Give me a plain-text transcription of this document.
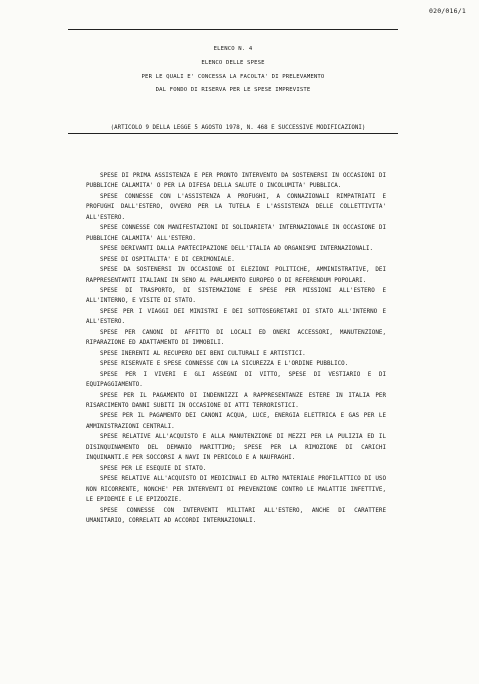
020/016/1
ELENCO N. 4
ELENCO DELLE SPESE
PER LE QUALI E' CONCESSA LA FACOLTA' DI PRELEVAMENTO
DAL FONDO DI RISERVA PER LE SPESE IMPREVISTE
(ARTICOLO 9 DELLA LEGGE 5 AGOSTO 1978, N. 468 E SUCCESSIVE MODIFICAZIONI)

SPESE DI PRIMA ASSISTENZA E PER PRONTO INTERVENTO DA SOSTENERSI IN OCCASIONI DI PUBBLICHE CALAMITA' O PER LA DIFESA DELLA SALUTE O INCOLUMITA' PUBBLICA.

SPESE CONNESSE CON L'ASSISTENZA A PROFUGHI, A CONNAZIONALI RIMPATRIATI E PROFUGHI DALL'ESTERO, OVVERO PER LA TUTELA E L'ASSISTENZA DELLE COLLETTIVITA' ALL'ESTERO.

SPESE CONNESSE CON MANIFESTAZIONI DI SOLIDARIETA' INTERNAZIONALE IN OCCASIONE DI PUBBLICHE CALAMITA' ALL'ESTERO.

SPESE DERIVANTI DALLA PARTECIPAZIONE DELL'ITALIA AD ORGANISMI INTERNAZIONALI.

SPESE DI OSPITALITA' E DI CERIMONIALE.

SPESE DA SOSTENERSI IN OCCASIONE DI ELEZIONI POLITICHE, AMMINISTRATIVE, DEI RAPPRESENTANTI ITALIANI IN SENO AL PARLAMENTO EUROPEO O DI REFERENDUM POPOLARI.

SPESE DI TRASPORTO, DI SISTEMAZIONE E SPESE PER MISSIONI ALL'ESTERO E ALL'INTERNO, E VISITE DI STATO.

SPESE PER I VIAGGI DEI MINISTRI E DEI SOTTOSEGRETARI DI STATO ALL'INTERNO E ALL'ESTERO.

SPESE PER CANONI DI AFFITTO DI LOCALI ED ONERI ACCESSORI, MANUTENZIONE, RIPARAZIONE ED ADATTAMENTO DI IMMOBILI.

SPESE INERENTI AL RECUPERO DEI BENI CULTURALI E ARTISTICI.

SPESE RISERVATE E SPESE CONNESSE CON LA SICUREZZA E L'ORDINE PUBBLICO.

SPESE PER I VIVERI E GLI ASSEGNI DI VITTO, SPESE DI VESTIARIO E DI EQUIPAGGIAMENTO.

SPESE PER IL PAGAMENTO DI INDENNIZZI A RAPPRESENTANZE ESTERE IN ITALIA PER RISARCIMENTO DANNI SUBITI IN OCCASIONE DI ATTI TERRORISTICI.

SPESE PER IL PAGAMENTO DEI CANONI ACQUA, LUCE, ENERGIA ELETTRICA E GAS PER LE AMMINISTRAZIONI CENTRALI.

SPESE RELATIVE ALL'ACQUISTO E ALLA MANUTENZIONE DI MEZZI PER LA PULIZIA ED IL DISINQUINAMENTO DEL DEMANIO MARITTIMO; SPESE PER LA RIMOZIONE DI CARICHI INQUINANTI.E PER SOCCORSI A NAVI IN PERICOLO E A NAUFRAGHI.

SPESE PER LE ESEQUIE DI STATO.

SPESE RELATIVE ALL'ACQUISTO DI MEDICINALI ED ALTRO MATERIALE PROFILATTICO DI USO NON RICORRENTE, NONCHE' PER INTERVENTI DI PREVENZIONE CONTRO LE MALATTIE INFETTIVE, LE EPIDEMIE E LE EPIZOOZIE.

SPESE CONNESSE CON INTERVENTI MILITARI ALL'ESTERO, ANCHE DI CARATTERE UMANITARIO, CORRELATI AD ACCORDI INTERNAZIONALI.
